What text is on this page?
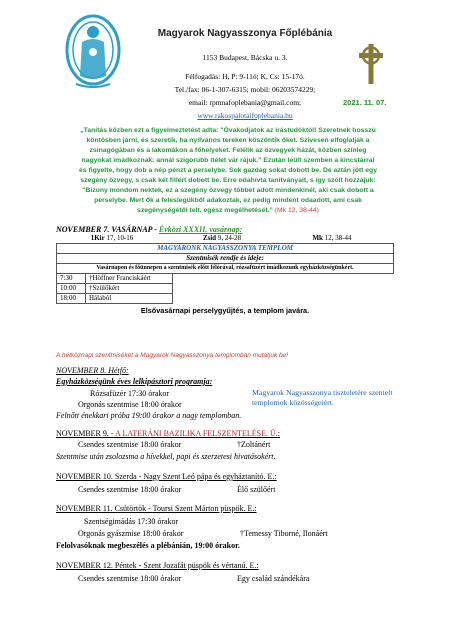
Magyarok Nagyasszonya Főplébánia
1153 Budapest, Bácska u. 3.
Félfogadás: H, P: 9-11ó; K, Cs: 15-17ó.
Tel./fax: 06-1-307-6315; mobil: 06203574229;
email: rpmnafoplebania@gmail.com;
www.rakospalotaifoplebania.hu
2021. 11. 07.
„Tanítás közben ezt a figyelmeztetést adta: "Óvakodjatok az írástudóktól! Szeretnek hosszú köntösben járni, és szeretik, ha nyilvános tereken köszöntik őket. Szívesen elfoglalják a zsinagógában és a lakomákon a főhelyeket. Felélik az özvegyek házát, közben színleg nagyokat imádkoznak: annál szigorúbb ítélet vár rájuk." Ezután leült szemben a kincstárral és figyelte, hogy dob a nép pénzt a perselybe. Sok gazdag sokat dobott be. De aztán jött egy szegény özvegy, s csak két fillért dobott be. Erre odahívta tanítványait, s így szólt hozzájuk: "Bizony mondom nektek, ez a szegény özvegy többet adott mindenkinél, aki csak dobott a perselybe. Mert ők a feleslegükből adakoztak, ez pedig mindent odaadott, ami csak szegénységétől telt, egész megélhetését." (Mk 12, 38-44)
NOVEMBER 7. VASÁRNAP - Évközi XXXII. vasárnap:
1Kir 17, 10-16 Zsid 9, 24-28 Mk 12, 38-44		
MAGYARONK NAGYASSZONYA TEMPLOM		
Szentmisék rendje és ideje:		
Vasárnapon és főünnepen a szentmisék előtt félórával, rózsafüzért imádkozunk egyházközségünkért.		
7:30	†Höffner Franciskáért	
10:00	†Szülőkért	
18:00	Hálaból	
Elsővasárnapi perselygyűjtés, a templom javára.		
A hétköznapi szentmiséket a Magyarok Nagyasszonya templomban mutatjuk be!
NOVEMBER 8. Hétfő:
Egyházközségünk éves lelkipásztori programja:
Rózsafüzér 17:30 órakor
Orgonás szentmise 18:00 órakor
Magyarok Nagyasszonya tiszteletére szentelt templomok közösségeiért.
Felnőtt énekkari próba 19:00 órakor a nagy templomban.
NOVEMBER 9. - A LATERÁNI BAZILIKA FELSZENTELÉSE. Ü.:
Csendes szentmise 18:00 órakor	†Zoltánért
Szentmise után zsolozsma a hívekkel, papi és szerzetesi hivatásokért.
NOVEMBER 10. Szerda - Nagy Szent Leó pápa és egyháztanító. E.:
Csendes szentmise 18:00 órakor	Élő szülőért
NOVEMBER 11. Csütörtök - Toursi Szent Márton püspök. E.:
Szentségimádás 17:30 órakor
Orgonás gyászmise 18:00 órakor	†Temessy Tiborné, Ilonáért
Felolvasóknak megbeszélés a plébánián, 19:00 órakor.
NOVEMBER 12. Péntek - Szent Jozafát püspök és vértanú. E.:
Csendes szentmise 18:00 órakor	Egy család szándékára
